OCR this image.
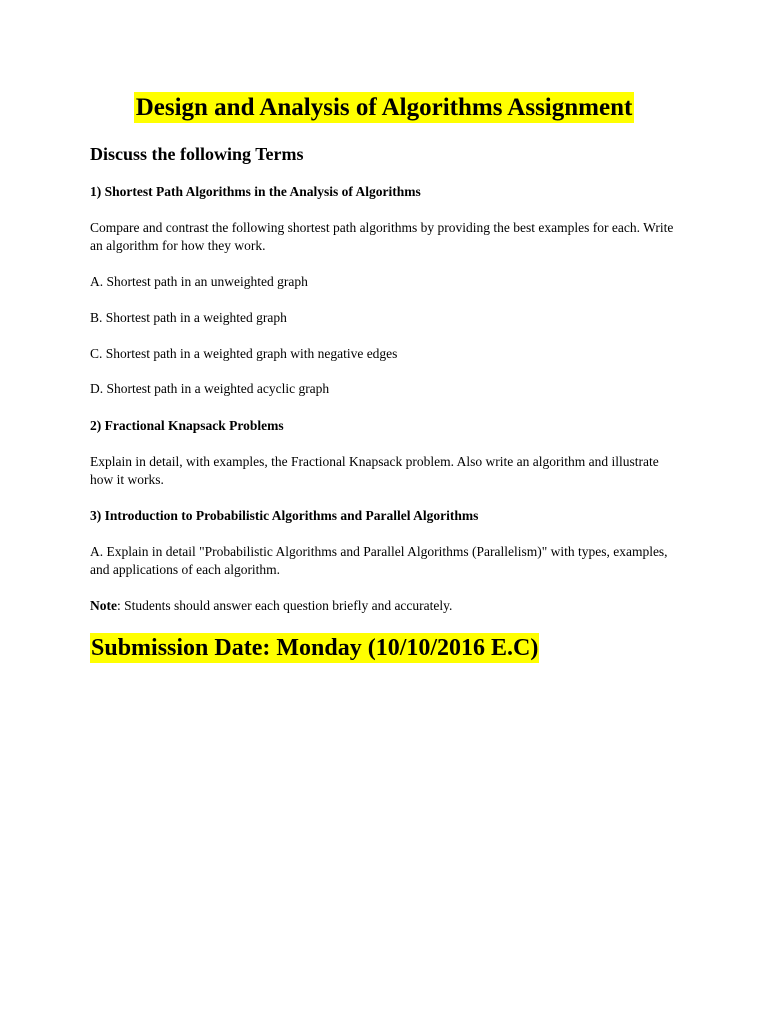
Design and Analysis of Algorithms Assignment

Discuss the following Terms

1) Shortest Path Algorithms in the Analysis of Algorithms

Compare and contrast the following shortest path algorithms by providing the best examples for each. Write an algorithm for how they work.

A. Shortest path in an unweighted graph

B. Shortest path in a weighted graph

C. Shortest path in a weighted graph with negative edges

D. Shortest path in a weighted acyclic graph

2) Fractional Knapsack Problems

Explain in detail, with examples, the Fractional Knapsack problem. Also write an algorithm and illustrate how it works.

3) Introduction to Probabilistic Algorithms and Parallel Algorithms

A. Explain in detail "Probabilistic Algorithms and Parallel Algorithms (Parallelism)" with types, examples, and applications of each algorithm.

Note: Students should answer each question briefly and accurately.

Submission Date: Monday (10/10/2016 E.C)
